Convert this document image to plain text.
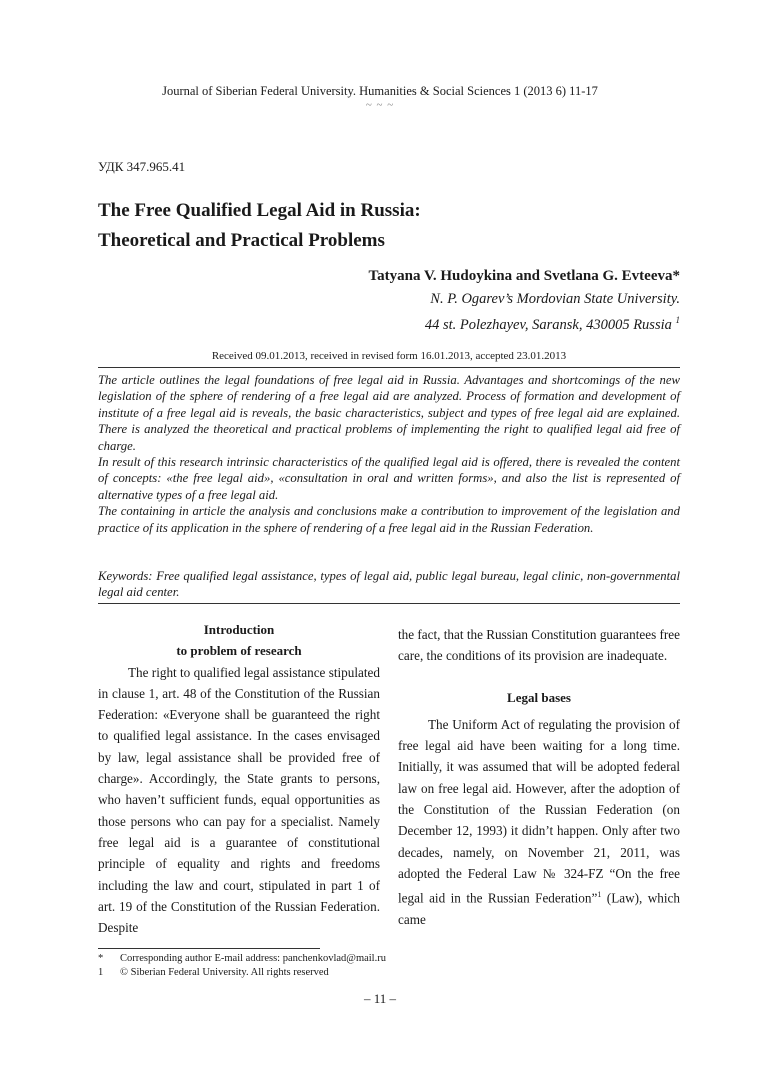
Journal of Siberian Federal University. Humanities & Social Sciences 1 (2013 6) 11-17
~ ~ ~
УДК 347.965.41
The Free Qualified Legal Aid in Russia:
Theoretical and Practical Problems
Tatyana V. Hudoykina and Svetlana G. Evteeva*
N. P. Ogarev’s Mordovian State University.
44 st. Polezhayev, Saransk, 430005 Russia $^1$
Received 09.01.2013, received in revised form 16.01.2013, accepted 23.01.2013

The article outlines the legal foundations of free legal aid in Russia. Advantages and shortcomings of the new legislation of the sphere of rendering of a free legal aid are analyzed. Process of formation and development of institute of a free legal aid is reveals, the basic characteristics, subject and types of free legal aid are explained. There is analyzed the theoretical and practical problems of implementing the right to qualified legal aid free of charge.

In result of this research intrinsic characteristics of the qualified legal aid is offered, there is revealed the content of concepts: «the free legal aid», «consultation in oral and written forms», and also the list is represented of alternative types of a free legal aid.

The containing in article the analysis and conclusions make a contribution to improvement of the legislation and practice of its application in the sphere of rendering of a free legal aid in the Russian Federation.

Keywords: Free qualified legal assistance, types of legal aid, public legal bureau, legal clinic, non-governmental legal aid center.
Introduction
to problem of research

The right to qualified legal assistance stipulated in clause 1, art. 48 of the Constitution of the Russian Federation: «Everyone shall be guaranteed the right to qualified legal assistance. In the cases envisaged by law, legal assistance shall be provided free of charge». Accordingly, the State grants to persons, who haven’t sufficient funds, equal opportunities as those persons who can pay for a specialist. Namely free legal aid is a guarantee of constitutional principle of equality and rights and freedoms including the law and court, stipulated in part 1 of art. 19 of the Constitution of the Russian Federation. Despite

the fact, that the Russian Constitution guarantees free care, the conditions of its provision are inadequate.

Legal bases

The Uniform Act of regulating the provision of free legal aid have been waiting for a long time. Initially, it was assumed that will be adopted federal law on free legal aid. However, after the adoption of the Constitution of the Russian Federation (on December 12, 1993) it didn’t happen. Only after two decades, namely, on November 21, 2011, was adopted the Federal Law № 324-FZ “On the free legal aid in the Russian Federation”$^1$ (Law), which came

*	Corresponding author E-mail address: panchenkovlad@mail.ru
1	© Siberian Federal University. All rights reserved
– 11 –
